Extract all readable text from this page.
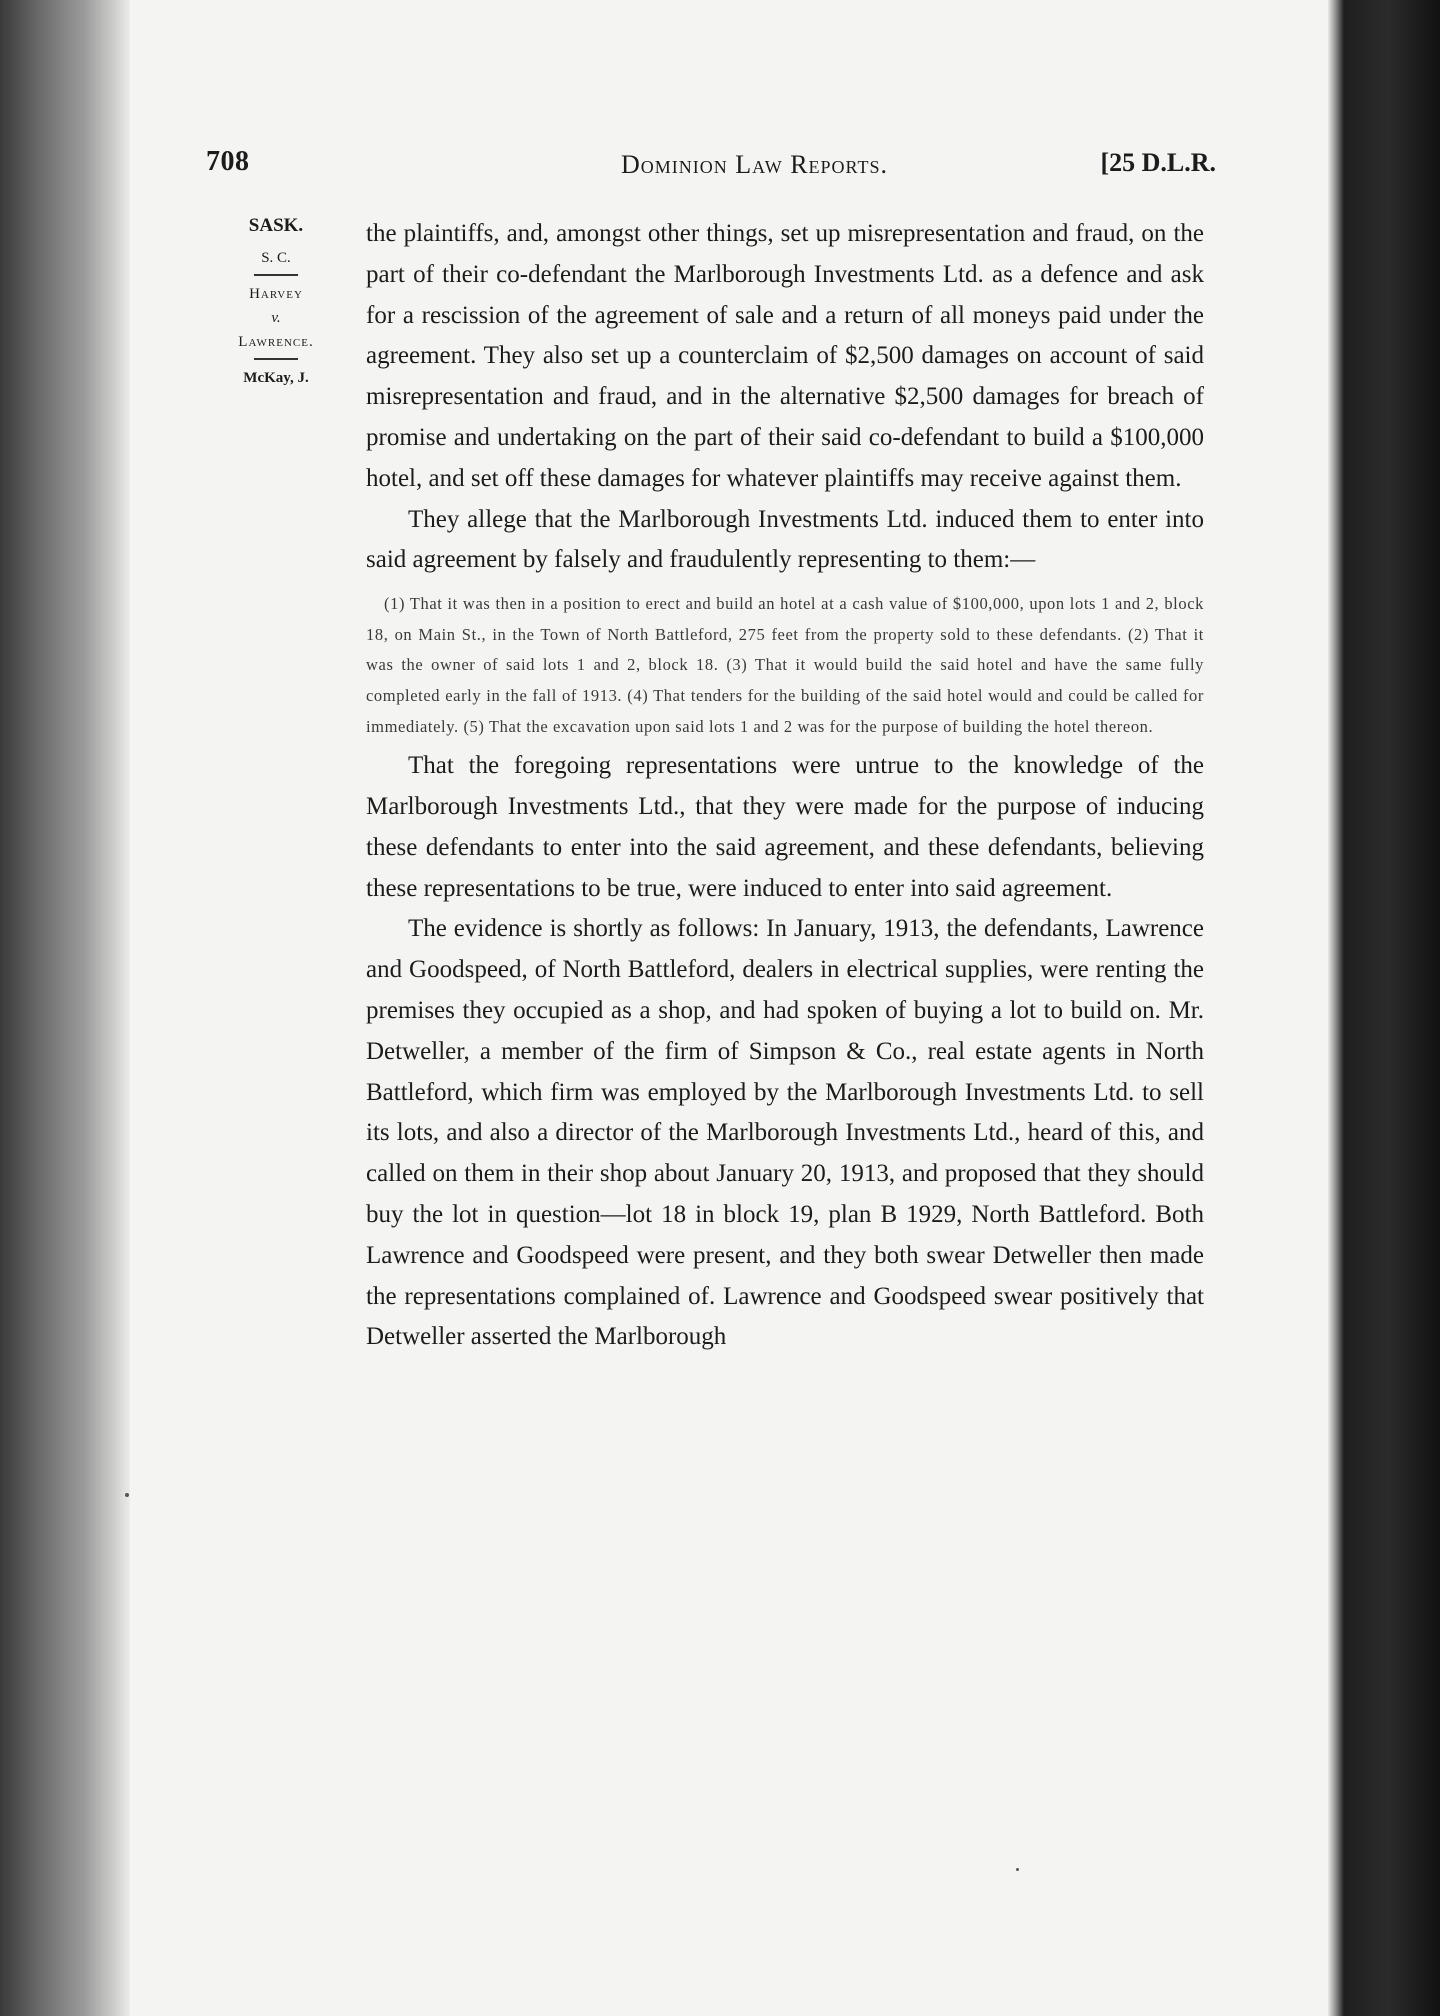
708	Dominion Law Reports.	[25 D.L.R.
SASK.
S. C.
Harvey
v.
Lawrence.
McKay, J.

the plaintiffs, and, amongst other things, set up misrepresentation and fraud, on the part of their co-defendant the Marlborough Investments Ltd. as a defence and ask for a rescission of the agreement of sale and a return of all moneys paid under the agreement. They also set up a counterclaim of $2,500 damages on account of said misrepresentation and fraud, and in the alternative $2,500 damages for breach of promise and undertaking on the part of their said co-defendant to build a $100,000 hotel, and set off these damages for whatever plaintiffs may receive against them.

They allege that the Marlborough Investments Ltd. induced them to enter into said agreement by falsely and fraudulently representing to them:—

(1) That it was then in a position to erect and build an hotel at a cash value of $100,000, upon lots 1 and 2, block 18, on Main St., in the Town of North Battleford, 275 feet from the property sold to these defendants. (2) That it was the owner of said lots 1 and 2, block 18. (3) That it would build the said hotel and have the same fully completed early in the fall of 1913. (4) That tenders for the building of the said hotel would and could be called for immediately. (5) That the excavation upon said lots 1 and 2 was for the purpose of building the hotel thereon.

That the foregoing representations were untrue to the knowledge of the Marlborough Investments Ltd., that they were made for the purpose of inducing these defendants to enter into the said agreement, and these defendants, believing these representations to be true, were induced to enter into said agreement.

The evidence is shortly as follows: In January, 1913, the defendants, Lawrence and Goodspeed, of North Battleford, dealers in electrical supplies, were renting the premises they occupied as a shop, and had spoken of buying a lot to build on. Mr. Detweller, a member of the firm of Simpson & Co., real estate agents in North Battleford, which firm was employed by the Marlborough Investments Ltd. to sell its lots, and also a director of the Marlborough Investments Ltd., heard of this, and called on them in their shop about January 20, 1913, and proposed that they should buy the lot in question—lot 18 in block 19, plan B 1929, North Battleford. Both Lawrence and Goodspeed were present, and they both swear Detweller then made the representations complained of. Lawrence and Goodspeed swear positively that Detweller asserted the Marlborough
